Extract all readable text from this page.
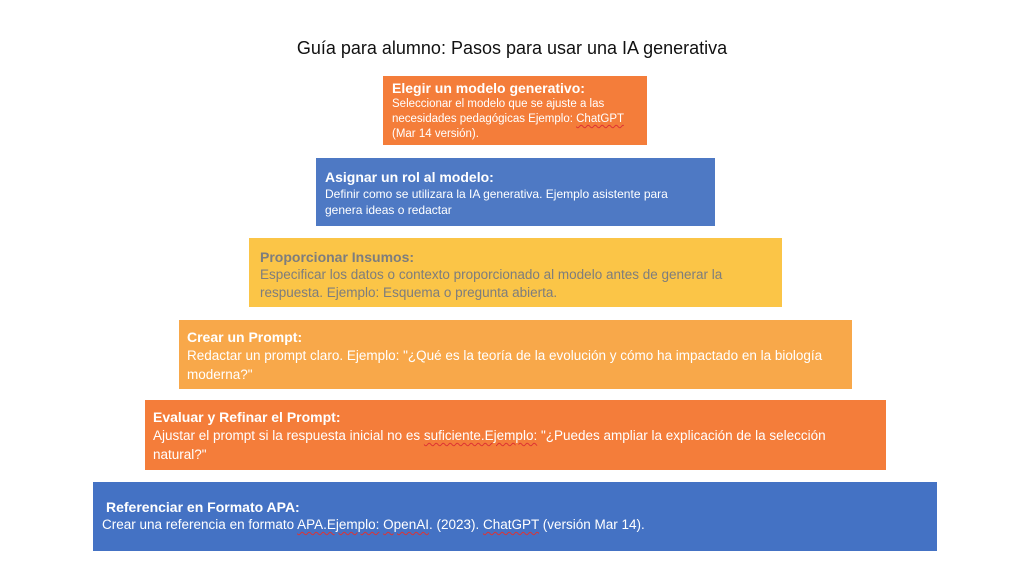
Guía para alumno: Pasos para usar una IA generativa
Elegir un modelo generativo:
Seleccionar el modelo que se ajuste a las necesidades pedagógicas Ejemplo: ChatGPT (Mar 14 versión).
Asignar un rol al modelo:
Definir como se utilizara la IA generativa. Ejemplo asistente para genera ideas o redactar
Proporcionar Insumos:
Especificar los datos o contexto proporcionado al modelo antes de generar la respuesta. Ejemplo: Esquema o pregunta abierta.
Crear un Prompt:
Redactar un prompt claro. Ejemplo: "¿Qué es la teoría de la evolución y cómo ha impactado en la biología moderna?"
Evaluar y Refinar el Prompt:
Ajustar el prompt si la respuesta inicial no es suficiente.Ejemplo: "¿Puedes ampliar la explicación de la selección natural?"
Referenciar en Formato APA:
Crear una referencia en formato APA.Ejemplo: OpenAI. (2023). ChatGPT (versión Mar 14).
